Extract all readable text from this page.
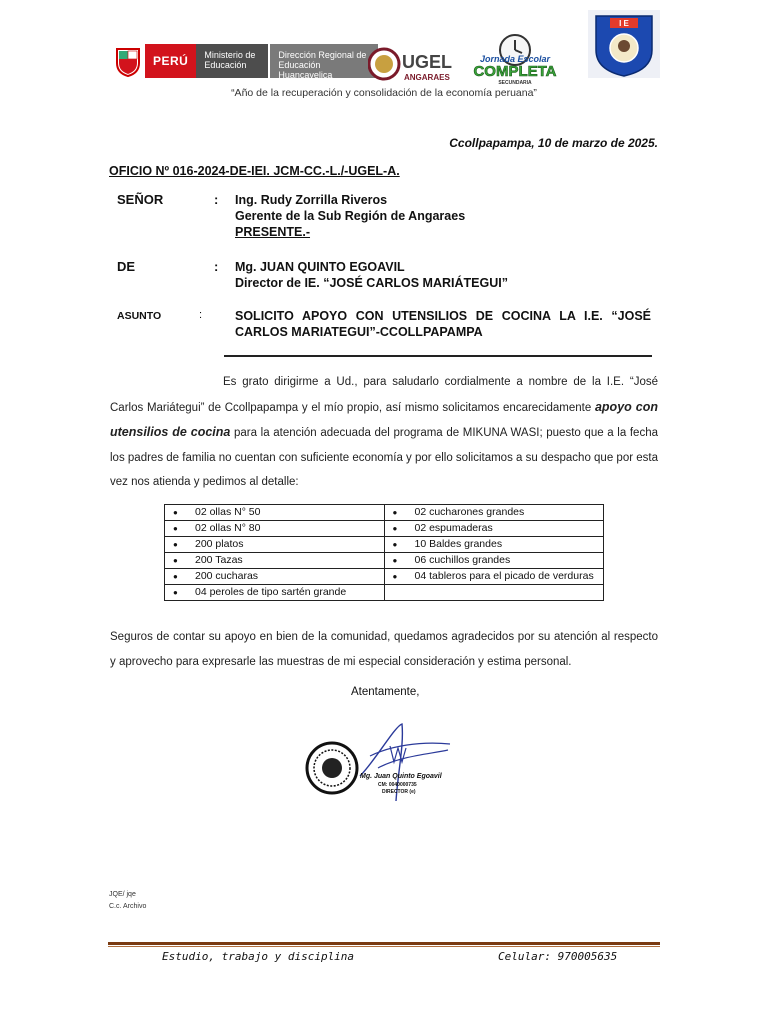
PERÚ	Ministerio de Educación
Dirección Regional de Educación Huancavelica
UGEL
ANGARAES
Jornada Escolar
COMPLETA
SECUNDARIA
I E
“Año de la recuperación y consolidación de la economía peruana”
Ccollpapampa, 10 de marzo de 2025.
OFICIO Nº 016-2024-DE-IEI. JCM-CC.-L./-UGEL-A.
SEÑOR	: Ing. Rudy Zorrilla Riveros
Gerente de la Sub Región de Angaraes
PRESENTE.-
DE	: Mg. JUAN QUINTO EGOAVIL
Director de IE. “JOSÉ CARLOS MARIÁTEGUI”
ASUNTO	:	SOLICITO APOYO CON UTENSILIOS DE COCINA LA I.E. “JOSÉ CARLOS MARIATEGUI”-CCOLLPAPAMPA
Es grato dirigirme a Ud., para saludarlo cordialmente a nombre de la I.E. “José Carlos Mariátegui” de Ccollpapampa y el mío propio, así mismo solicitamos encarecidamente apoyo con utensilios de cocina para la atención adecuada del programa de MIKUNA WASI; puesto que a la fecha los padres de familia no cuentan con suficiente economía y por ello solicitamos a su despacho que por esta vez nos atienda y pedimos al detalle:
● 02 ollas N° 50	● 02 cucharones grandes
● 02 ollas N° 80	● 02 espumaderas
● 200 platos	● 10 Baldes grandes
● 200 Tazas	● 06 cuchillos grandes
● 200 cucharas	● 04 tableros para el picado de verduras
● 04 peroles de tipo sartén grande	
Seguros de contar su apoyo en bien de la comunidad, quedamos agradecidos por su atención al respecto y aprovecho para expresarle las muestras de mi especial consideración y estima personal.
Atentamente,
Mg. Juan Quinto Egoavil
CM: 0040000735
DIRECTOR (e)
JQE/ jqe
C.c. Archivo
Estudio, trabajo y disciplina	Celular: 970005635
